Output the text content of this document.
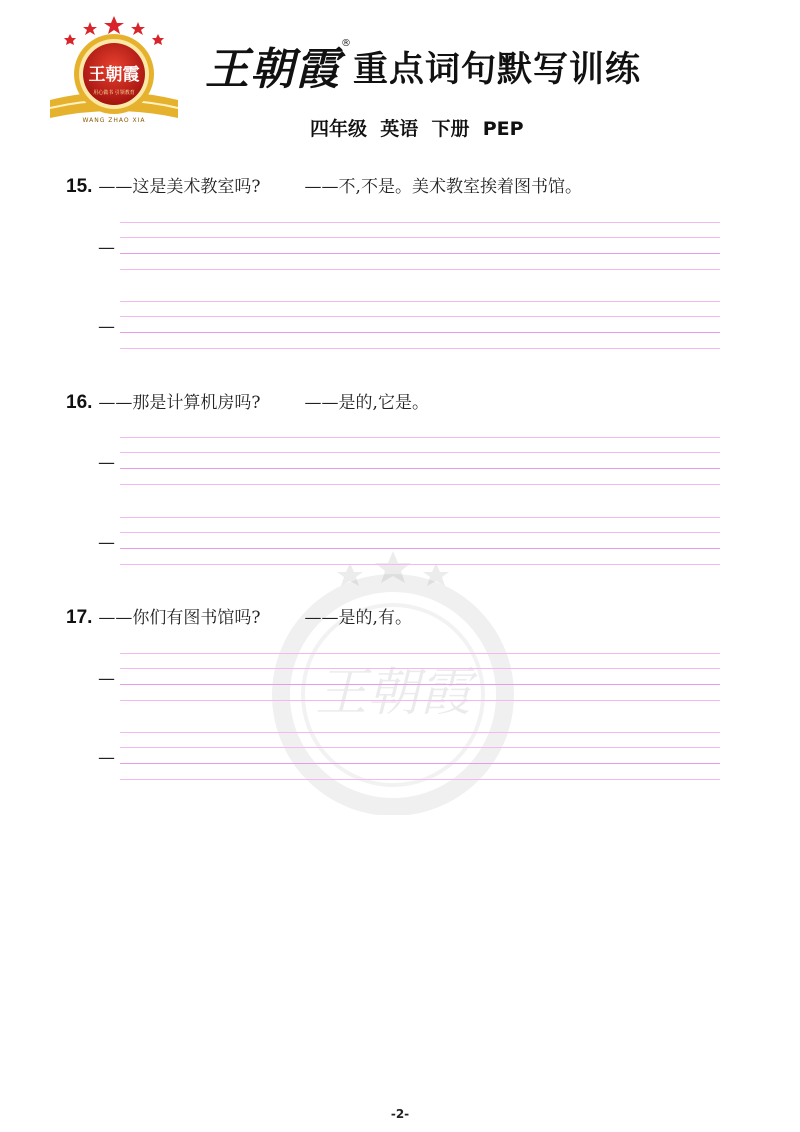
王朝霞
用心做书 引领教育
WANG ZHAO XIA
王朝霞
®
重点词句默写训练
四年级  英语  下册  PEP
王朝霞
15. ——这是美术教室吗?	——不,不是。美术教室挨着图书馆。
—
—
16. ——那是计算机房吗?	——是的,它是。
—
—
17. ——你们有图书馆吗?	——是的,有。
—
—
-2-
